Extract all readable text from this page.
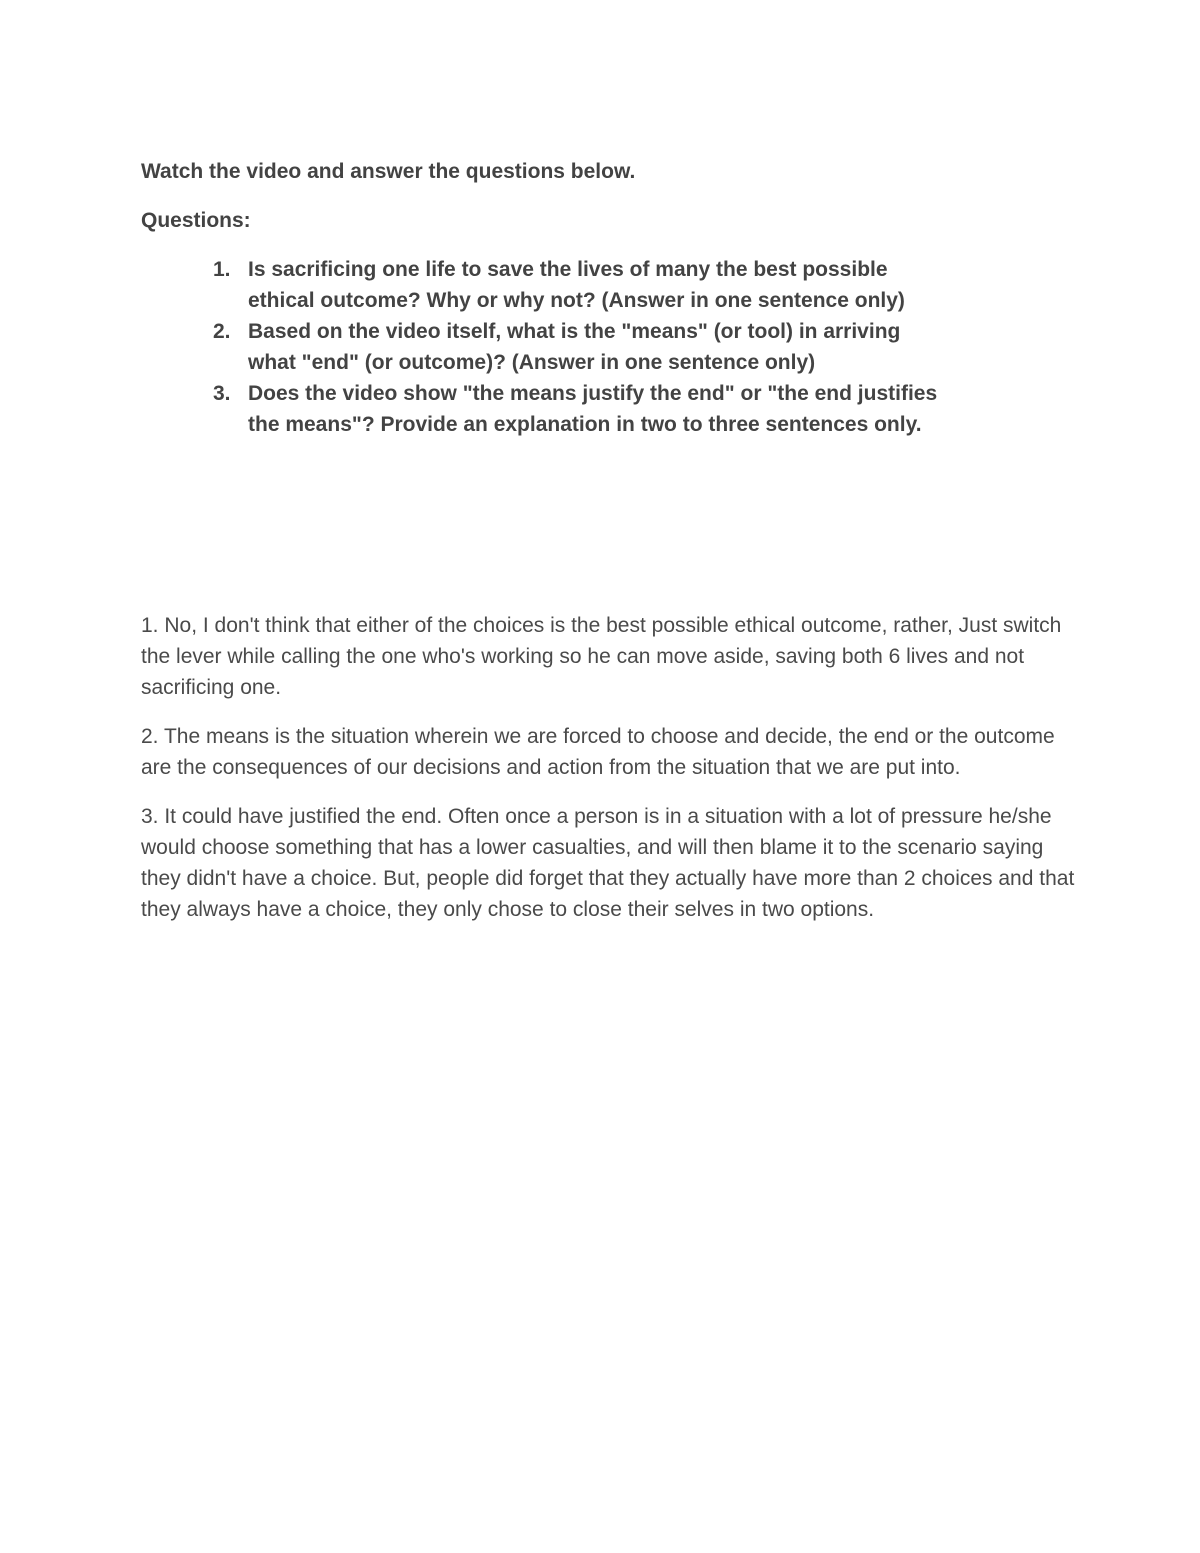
Watch the video and answer the questions below.

Questions:

1. Is sacrificing one life to save the lives of many the best possible ethical outcome? Why or why not? (Answer in one sentence only)
2. Based on the video itself, what is the "means" (or tool) in arriving what "end" (or outcome)? (Answer in one sentence only)
3. Does the video show "the means justify the end" or "the end justifies the means"? Provide an explanation in two to three sentences only.

1. No, I don't think that either of the choices is the best possible ethical outcome, rather, Just switch the lever while calling the one who's working so he can move aside, saving both 6 lives and not sacrificing one.

2. The means is the situation wherein we are forced to choose and decide, the end or the outcome are the consequences of our decisions and action from the situation that we are put into.

3. It could have justified the end. Often once a person is in a situation with a lot of pressure he/she would choose something that has a lower casualties, and will then blame it to the scenario saying they didn't have a choice. But, people did forget that they actually have more than 2 choices and that they always have a choice, they only chose to close their selves in two options.
